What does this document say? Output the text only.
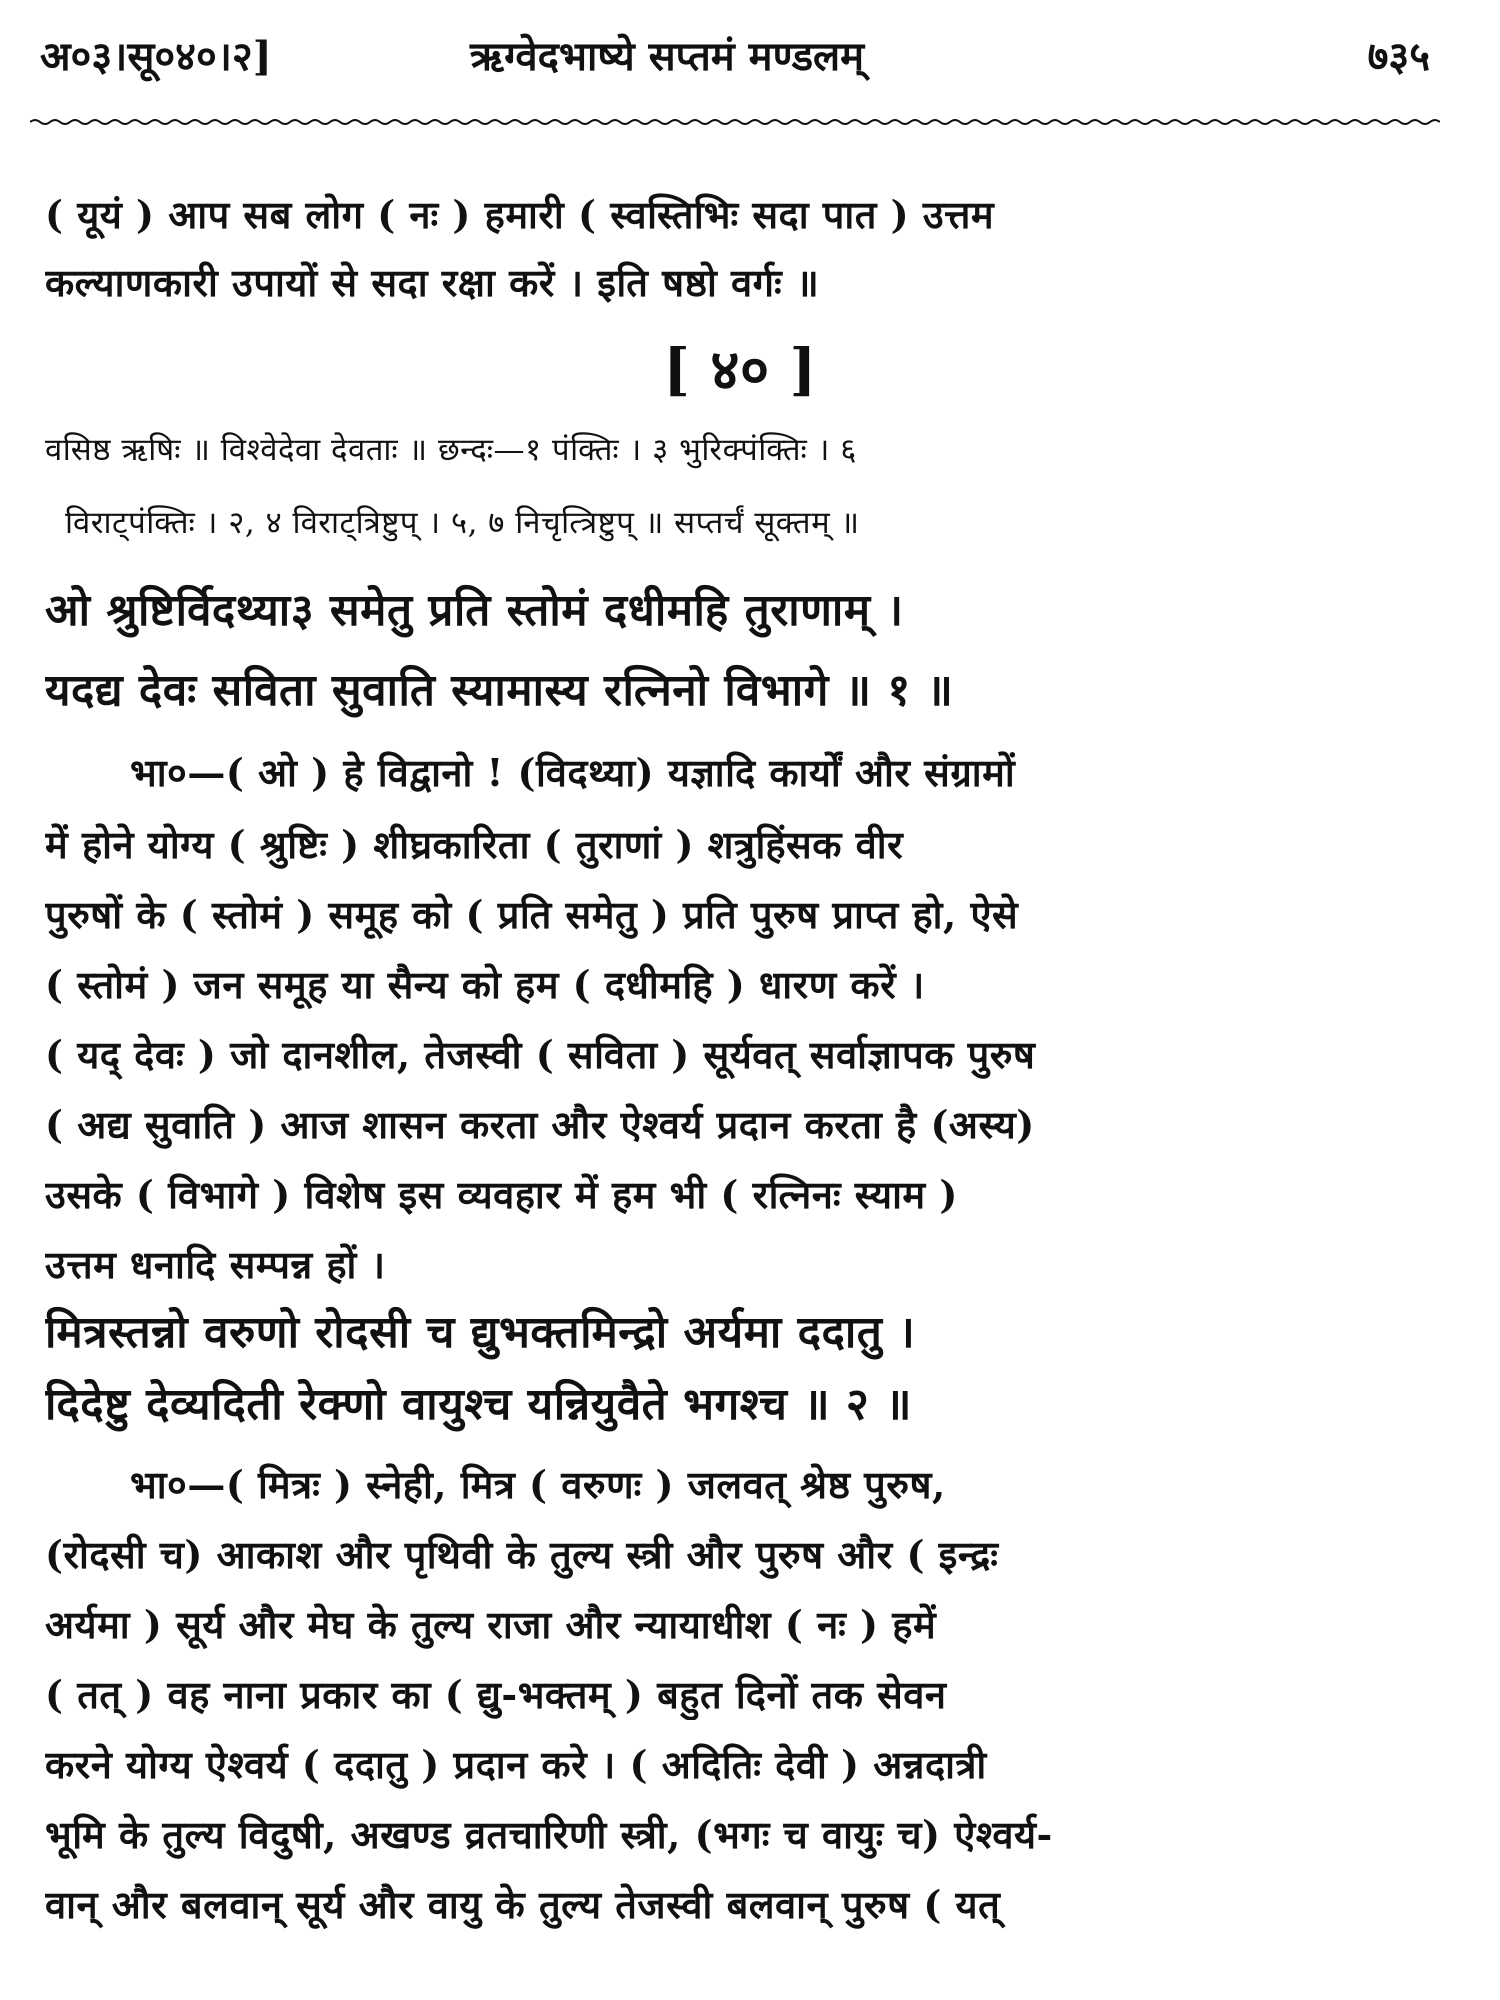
अ०३।सू०४०।२]	ऋग्वेदभाष्ये सप्तमं मण्डलम्	७३५
( यूयं ) आप सब लोग ( नः ) हमारी ( स्वस्तिभिः सदा पात ) उत्तम
कल्याणकारी उपायों से सदा रक्षा करें । इति षष्ठो वर्गः ॥
[ ४० ]
वसिष्ठ ऋषिः ॥ विश्वेदेवा देवताः ॥ छन्दः—१ पंक्तिः । ३ भुरिक्पंक्तिः । ६
विराट्पंक्तिः । २, ४ विराट्त्रिष्टुप् । ५, ७ निचृत्त्रिष्टुप् ॥ सप्तर्चं सूक्तम् ॥
ओ श्रुष्टिर्विदथ्या३ समेतु प्रति स्तोमं दधीमहि तुराणाम् ।
यदद्य देवः सविता सुवाति स्यामास्य रत्निनो विभागे ॥ १ ॥
भा०—( ओ ) हे विद्वानो ! (विदथ्या) यज्ञादि कार्यों और संग्रामों
में होने योग्य ( श्रुष्टिः ) शीघ्रकारिता ( तुराणां ) शत्रुहिंसक वीर
पुरुषों के ( स्तोमं ) समूह को ( प्रति समेतु ) प्रति पुरुष प्राप्त हो, ऐसे
( स्तोमं ) जन समूह या सैन्य को हम ( दधीमहि ) धारण करें ।
( यद् देवः ) जो दानशील, तेजस्वी ( सविता ) सूर्यवत् सर्वाज्ञापक पुरुष
( अद्य सुवाति ) आज शासन करता और ऐश्वर्य प्रदान करता है (अस्य)
उसके ( विभागे ) विशेष इस व्यवहार में हम भी ( रत्निनः स्याम )
उत्तम धनादि सम्पन्न हों ।
मित्रस्तन्नो वरुणो रोदसी च द्युभक्तमिन्द्रो अर्यमा ददातु ।
दिदेष्टु देव्यदिती रेक्णो वायुश्च यन्नियुवैते भगश्च ॥ २ ॥
भा०—( मित्रः ) स्नेही, मित्र ( वरुणः ) जलवत् श्रेष्ठ पुरुष,
(रोदसी च) आकाश और पृथिवी के तुल्य स्त्री और पुरुष और ( इन्द्रः
अर्यमा ) सूर्य और मेघ के तुल्य राजा और न्यायाधीश ( नः ) हमें
( तत् ) वह नाना प्रकार का ( द्यु-भक्तम् ) बहुत दिनों तक सेवन
करने योग्य ऐश्वर्य ( ददातु ) प्रदान करे । ( अदितिः देवी ) अन्नदात्री
भूमि के तुल्य विदुषी, अखण्ड व्रतचारिणी स्त्री, (भगः च वायुः च) ऐश्वर्य-
वान् और बलवान् सूर्य और वायु के तुल्य तेजस्वी बलवान् पुरुष ( यत्
